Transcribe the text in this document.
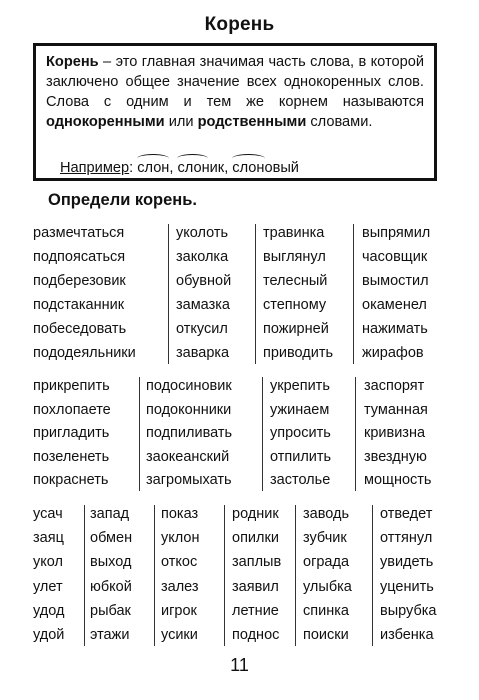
Корень
Корень – это главная значимая часть слова, в которой заключено общее значение всех однокоренных слов. Слова с одним и тем же корнем называются однокоренными или родственными словами.
Например: слон,
слоник,
слоновый
Определи корень.
размечтаться
подпоясаться
подберезовик
подстаканник
побеседовать
пододеяльники
уколоть
заколка
обувной
замазка
откусил
заварка
травинка
выглянул
телесный
степному
пожирней
приводить
выпрямил
часовщик
вымостил
окаменел
нажимать
жирафов
прикрепить
похлопаете
пригладить
позеленеть
покраснеть
подосиновик
подоконники
подпиливать
заокеанский
загромыхать
укрепить
ужинаем
упросить
отпилить
застолье
заспорят
туманная
кривизна
звездную
мощность
усач
заяц
укол
улет
удод
удой
запад
обмен
выход
юбкой
рыбак
этажи
показ
уклон
откос
залез
игрок
усики
родник
опилки
заплыв
заявил
летние
поднос
заводь
зубчик
ограда
улыбка
спинка
поиски
отведет
оттянул
увидеть
уценить
вырубка
избенка
11
